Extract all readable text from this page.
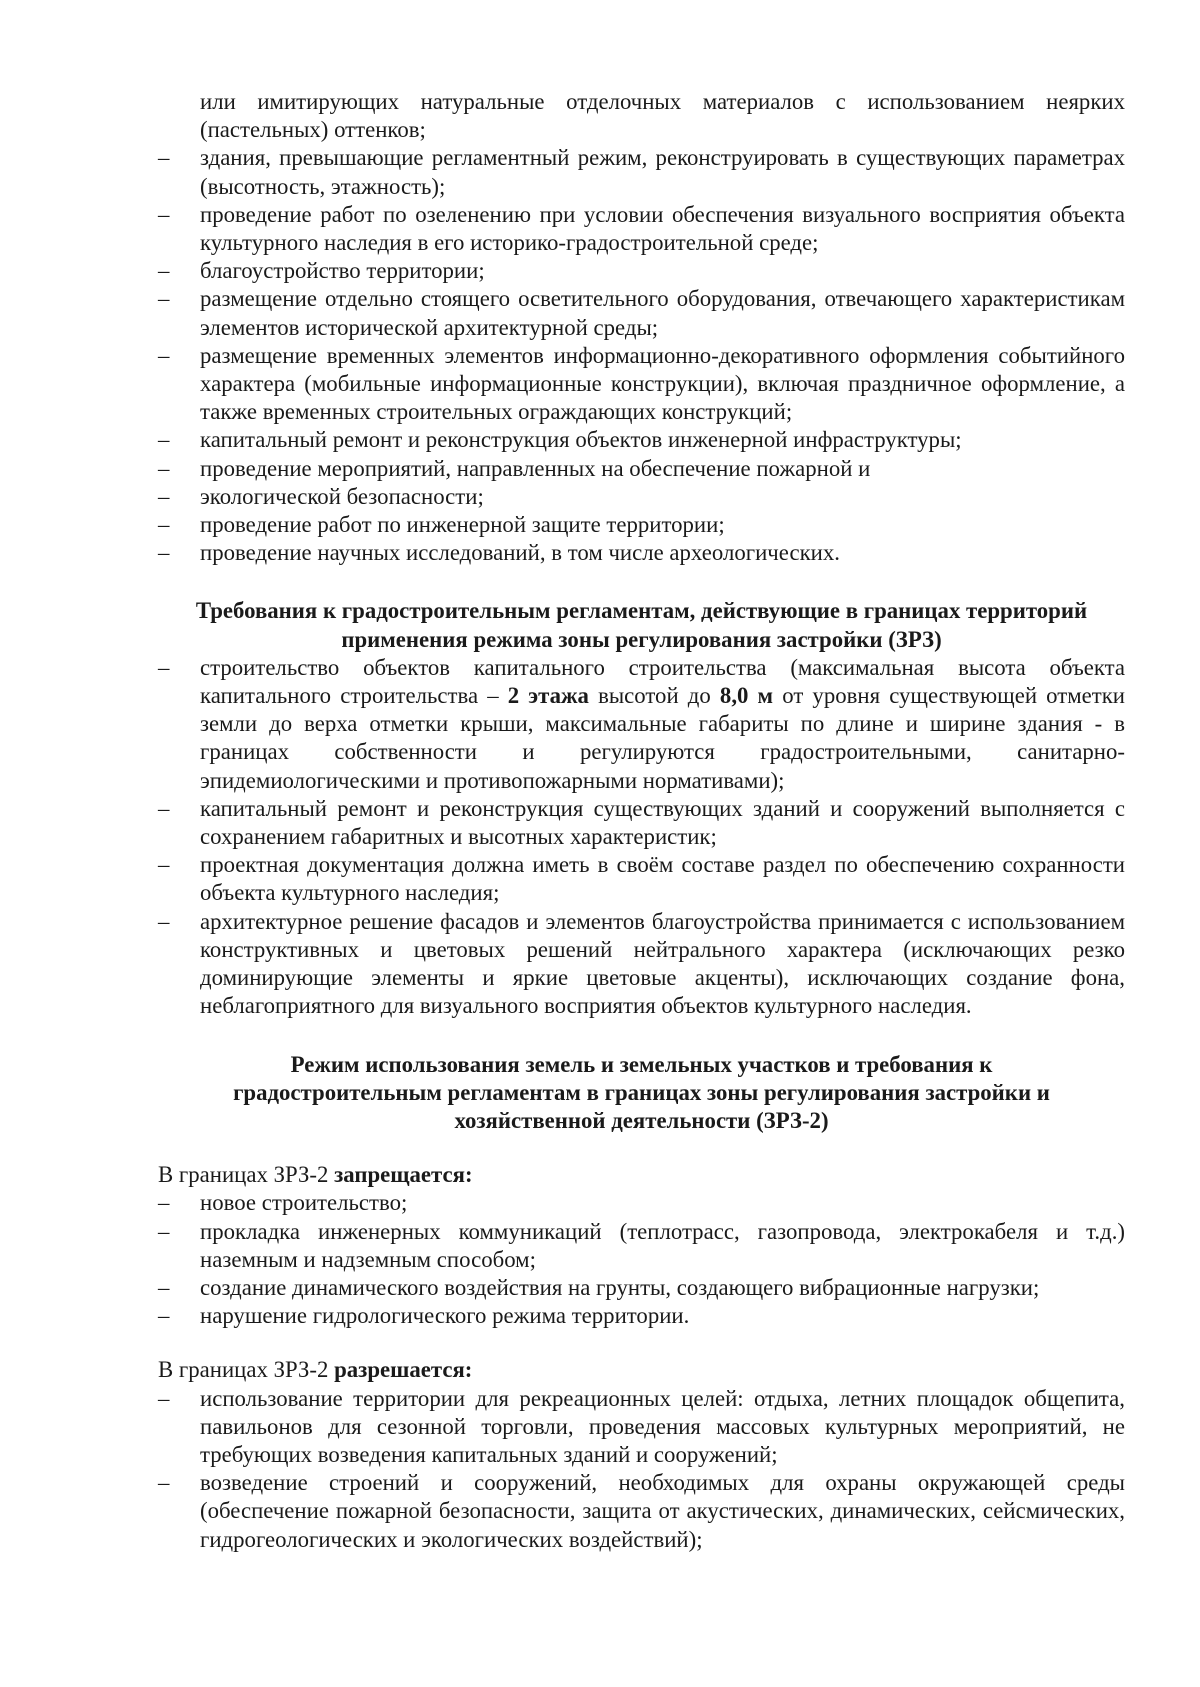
или имитирующих натуральные отделочных материалов с использованием неярких (пастельных) оттенков;
– здания, превышающие регламентный режим, реконструировать в существующих параметрах (высотность, этажность);
– проведение работ по озеленению при условии обеспечения визуального восприятия объекта культурного наследия в его историко-градостроительной среде;
– благоустройство территории;
– размещение отдельно стоящего осветительного оборудования, отвечающего характеристикам элементов исторической архитектурной среды;
– размещение временных элементов информационно-декоративного оформления событийного характера (мобильные информационные конструкции), включая праздничное оформление, а также временных строительных ограждающих конструкций;
– капитальный ремонт и реконструкция объектов инженерной инфраструктуры;
– проведение мероприятий, направленных на обеспечение пожарной и
– экологической безопасности;
– проведение работ по инженерной защите территории;
– проведение научных исследований, в том числе археологических.
Требования к градостроительным регламентам, действующие в границах территорий
применения режима зоны регулирования застройки (ЗРЗ)
– строительство объектов капитального строительства (максимальная высота объекта капитального строительства – 2 этажа высотой до 8,0 м от уровня существующей отметки земли до верха отметки крыши, максимальные габариты по длине и ширине здания - в границах собственности и регулируются градостроительными, санитарно-эпидемиологическими и противопожарными нормативами);
– капитальный ремонт и реконструкция существующих зданий и сооружений выполняется с сохранением габаритных и высотных характеристик;
– проектная документация должна иметь в своём составе раздел по обеспечению сохранности объекта культурного наследия;
– архитектурное решение фасадов и элементов благоустройства принимается с использованием конструктивных и цветовых решений нейтрального характера (исключающих резко доминирующие элементы и яркие цветовые акценты), исключающих создание фона, неблагоприятного для визуального восприятия объектов культурного наследия.
Режим использования земель и земельных участков и требования к
градостроительным регламентам в границах зоны регулирования застройки и
хозяйственной деятельности (ЗРЗ-2)
В границах ЗРЗ-2 запрещается:
– новое строительство;
– прокладка инженерных коммуникаций (теплотрасс, газопровода, электрокабеля и т.д.) наземным и надземным способом;
– создание динамического воздействия на грунты, создающего вибрационные нагрузки;
– нарушение гидрологического режима территории.
В границах ЗРЗ-2 разрешается:
– использование территории для рекреационных целей: отдыха, летних площадок общепита, павильонов для сезонной торговли, проведения массовых культурных мероприятий, не требующих возведения капитальных зданий и сооружений;
– возведение строений и сооружений, необходимых для охраны окружающей среды (обеспечение пожарной безопасности, защита от акустических, динамических, сейсмических, гидрогеологических и экологических воздействий);
